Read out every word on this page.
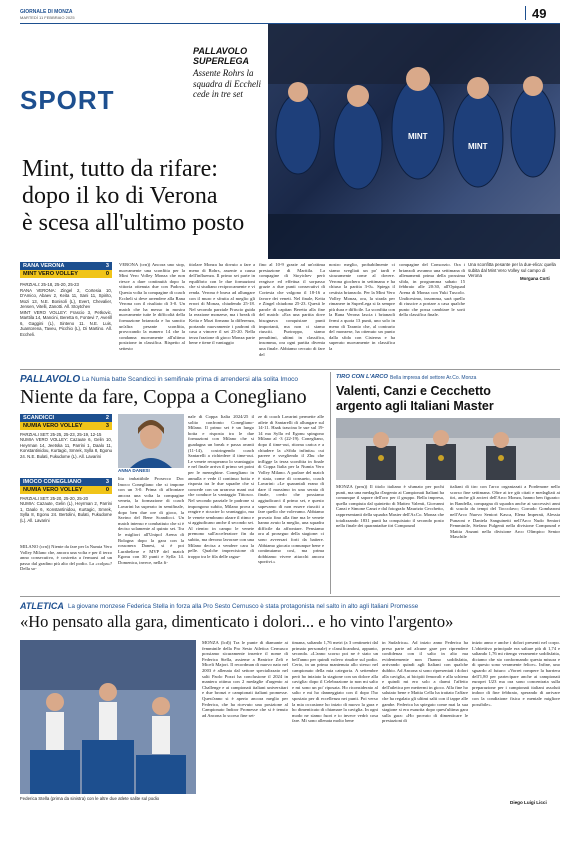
GIORNALE DI MONZA
MARTEDÌ 11 FEBBRAIO 2025	49
SPORT
PALLAVOLO
SUPERLEGA
Assente Rohrs la squadra di Eccheli cede in tre set
Mint, tutto da rifare:
dopo il ko di Verona
è scesa all'ultimo posto
MINT
MINT
Una sconfitta pesante per la due-elica: quella subita dal Mint Vero Volley sul campo di Verona
Morgana Corti
RANA VERONA	3
MINT VERO VOLLEY	0
PARZIALI: 25-18, 25-20, 25-23
RANA VERONA: Zingel 2, Cortesia 10, D'Amico, Abaev 2, Keita 11, Sani 11, Spirito, Mozi 13, N.E. Bonisoli (L), Evert, Chevalier, Jensen, Vitelli, Zanotti. All. Stoytchev
MINT VERO VOLLEY: Frascio 3, Petkovic, Marttila 14, Mancini, Beretta 6, Fontevi 7, Averill 6, Gaggini (L), Sinteno 11. N.E. Luis, Juantorena, Taveu, Picchio (L), Di Martino. All. Eccheli.
VERONA (crn)) Ancora uno stop, nuovamente una sconfitta per la Mint Vero Volley Monza che non riesce a dare continuità dopo la vittoria ottenuta due con Padova. Questa volta la compagine di coach Eccheli si deve arrendere alla Rana Verona con il risultato di 3-0. Un match che ha messo in mostra nuovamente tutte le difficoltà della formazione brianzola e ha sancito un'altra pesante sconfitta, provocando la numero 14 che la condanna nuovamente all'ultimo posizione in classifica. Rispetto al settesto
titolare Monza ha dovuto a fare a meno di Rohrs, assente a causa dell'influenza. Il primo set parte in equilibrio con le due formazioni che si studiano reciprocamente e vi renda. Verona è brava ad allungare con il muro e sfrutta al meglio gli errori di Monza, chiudendo 25-18. Nel secondo parziale Frascio guida la reazione monzese, ma i break di Keita e Mozi firmano la differenza, portando nuovamente i padroni di casa a vincere il set 25-20. Nella terza frazione di gioco Monza parte bene e tiene il vantaggio
fino al 10-9 grazie ad un'ottima prestazione di Marttila. La compagine di Stoytchev però reagisce ed effettua il sorpasso grazie a due punti consecutivi di Cortesia che valgono il 18-16 a favore dei veneti. Nel finale, Keita e Zingel chiudono 25-23. Questi le parole di capitan Beretta alla fine del match: «Era una partita dove bisognava conquistare punti importanti, ma non ci siamo riusciti. Purtroppo, siamo penultimi, ultimi in classifica, insomma, ora ogni partita diventa una finale. Abbiamo cercato di fare del
nostro meglio, probabilmente ci siamo svegliati un po' tardi e sicuramente come al dovere. Verona giochera in settimana e ha chiuso la partita 3-0». Spiega il cestista brianzolo. Per la Mint Vero Volley Monza, ora, la strada per rimanere in SuperLega si fa sempre più dura e difficile. La sconfitta con la Rana Verona lascia i brianzoli fermi a quota 13 punti, uno solo in meno di Taranto che, al contrario del monzese, ha ottenuto un punto dalla sfida con Cisterna e ha superato nuovamente in classifica la
compagine del Consorzio. Ora i brianzoli avranno una settimana di allenamenti prima della prossima sfida, in programma sabato 15 febbraio alle 20:30, all'Opiquad Arena di Monza con Yuki Tuscolo. Undicesimo, insomma, sarà quello di riuscire a portare a casa qualche punto che possa cambiare le sorti della classifica finale.
PALLAVOLO La Numia batte Scandicci in semifinale prima di arrendersi alla solita Imoco
Niente da fare, Coppa a Conegliano
SCANDICCI	2
NUMIA VERO VOLLEY	3
PARZIALI SET: 25-25, 25-23, 25-19, 12-15
NUMIA VERO VOLLEY: Cazaute 6, Gelin 10, Heyrman 14, Jeetska 11, Parrini 1, Daalo 11, Konstantinidou, Kurtagic, Smrek, Sylla 8, Egonu 24. N.E. Bulati, Fukudome (L). All. Lavarini
IMOCO CONEGLIANO	3
NUMIA VERO VOLLEY	0
PARZIALI SET: 25-20, 25-20, 25-20
NUMIA: Cazaute, Gelin (L), Heyrman 2, Parrini 1, Daalo 6, Konstantinidou, Kurtagic, Smrek, Sylla 8, Egonu 24. Bertolini, Bulati, Fukudome (L). All. Lavarini
MILANO (crn)) Niente da fare per la Numia Vero Volley Milano che, ancora una volta e per il terzo anno consecutivo, è costretta a fermarsi ad un passo dal gradino più alto del podio. La «colpa»? Della so-
ANNA DANESI
lita imbattibile Prosecco Doc Imoco Conegliano che si impone con un 3-0. Prima di affrontare ancora una volta la compagine veneta, la formazione di coach Lavarini ha superato in semifinale, dopo ben due ore di gioco, la Savino del Bene Scandicci. Un match intenso e combattuto che si è deciso solamente al quinto set. Tra le migliori all'Unipol Arena di Bologna dopo la gara con la rossonera Danesi, si è poi Lurabeliere e MVP del match Egonu con 30 punti e Sylla 14. Domenica, invece, nella fi-
nale di Coppa Italia 2024/25 il solito confronto Conegliano-Milano. Il primo set è un lungo botta e risposta tra le due formazioni con Milano che si guadagna un break e passa avanti (11-14), costringendo coach Santarelli a richiedere il time-out. Le venete recuperano lo svantaggio e nel finale arriva il primo set point per le meneghine. Conegliano in annulla e vede il continuo botta e risposta tra le due squadre che si concede con un urraroso mani out che conduce la vantaggio Tittosco. Nel secondo parziale le padrone si impongono subito, Milano prova a reagire e ricucire lo svantaggio, ma le venete sembrano alzare il ritmo e si aggiudicano anche il secondo set. Al rientro in campo le venete premono sull'acceleratore fin da subito, ma devono lavorare con una Milano decisa a vendere cara la pelle. Qualche imprecisione di troppo tra le fila delle ragaz-
ze di coach Lavarini permette alle atlete di Santarelli di allungare sul 14-11. Haak trascina le sue sul 19-14 ma Sylla ed Egonu spingono Milano al -3 (22-19). Conegliano, dopo il time-out, ritorna carica e a chiudere la «Sfida infinita» cui pareee e svegliendo il Zhu che infligge la terza sconfitta in finale di Coppa Italia per la Numia Vero Volley Milano. A parlare del match è stata, come di consueto, coach Lavarini: «Le quarantali erano di dare il massimo in una serata di finale, credo che possiamo aggiudicarci il primo set, e questo sapevamo di non essere riusciti a fare quello che volevamo. Abbiamo provato fino alla fine ma le venete hanno avuto la meglio, una squadra difficile da affrontare. Pensiamo ora al proseguo della stagione: ci sono avversari forti da battere. Abbiamo giocato comunque bene e continuiamo così, ma prima dobbiamo vivere attacchi ancora sportivi.»
TIRO CON L'ARCO Bella impresa del settore Ar.Co. Monza
Valenti, Canzi e Cecchetto
argento agli Italiani Master
MONZA (prru)) Il titolo italiano è sfumato per pochi punti, ma una medaglia d'argento ai Campionati Italiani ha comunque il sapore dell'oro per il gruppo. Bella impresa, quella compiuta dal quintetto di Matteo Valenti, Giovanni Canzi e Simone Canzi e dal fotografo Maurizio Cecchetto, rappresentanti della squadra Master dell'Ar.Co. Monza che totalizzando 1831 punti ha conquistato il secondo posto nella finale dei quarantadue tiri Compound
italiani di tiro con l'arco organizzati a Pordenone nello scorso fine settimana. Oltre ai tre già citati e medagliati ai tiri, anche gli arcieri dell'Arco Monza, hanno ben figurato: in Bandella, compagna di squadra anche ai successivi anni di scuola da tempi del Toccolavo; Corrado Gombaroni nell'Arco Nuovo Seniori Kasca, Elena Imperati, Alessia Punzoni e Daniela Sanguinetti nell'Arco Nudo Seniori Femminile, Stefano Fulgenti nella divisione Compound e Mattia Anzani nella divisione Arco Olimpico Senior Maschile
ATLETICA La giovane monzese Federica Stella in forza alla Pro Sesto Cernusco è stata protagonista nel salto in alto agli Italiani Promesse
«Ho pensato alla gara, dimenticato i dolori... e ho vinto l'argento»
Federica Stella (prima da sinistra) con le altre due atlete salite sul podio
MONZA (lcd)) Tra le punte di diamante ai femminile della Pro Sesto Atletica Cernusco possiamo sicuramente inserire il nome di Federica Stella, assieme a Beatrice Zeli e Miceli Majori. Il recordman di nuovo nato nel 2003 è allenata dal settore specializzato nel salti Paolo Pozzi ha conclusione il 2024 in maniera ottima con 2 medaglie d'argento ai Challenge e ai campionati italiani universitari e due bronzi e campionati italiani promesse. Quest'anno si è aperto ancora meglio per Federica, che ha ricevuto una posizione al Campionato Indoor Promesse che si è tenuto ad Ancona lo scorso fine set-
timana, saltando 1,76 metri (a 3 centimetri dal primato personale) e classificandosi, appunto, seconda. «L'anno scorso poi ne è stato un bell'anno per quindi volevo rinalire sul podio. Certo, in un prima mantenuta allo stesso nel campionato della mia categoria. A settembre però ho iniziato la stagione con un dolore alla caviglia: dopo il Celebrazione io non mi salto e mi sono un po' riposata. Ho riconsiderato al salto e mi ho danneggiato con il dopo l'ho spostato per di eccellenza nei punti. Poi verso la mia occasione ho inizio di nuovo la gara e ho dimenticato di chiamare la caviglia. In ogni modo ne siamo fuori e io invece vedrò cosa fare. Mi sono allenata molto bene
in Sudafrica». Ad inizio anno Federica ha preso parte ad alcune gare per riprendere confidenza con il salto in alto ma evidentemente non l'hanno soddisfatta, arrivando quindi agli Italiani con qualche dubbio. Ad Ancona si sono ripresentati i dolori alla caviglia, ai bicipiti femorali e alla schiena e quindi mi ero solo a darmi l'affetto dell'atletica per mettermi in gioco. Alla fine ho salutato bene e Mattia Cella ha trattato l'affare che ha regalato gli ultimi salti con il tappe alle gambe. Federica ha spiegato come mai la sua stagione si era esaurita dopo quest'ultima gara sulla gara: «Ho provato di dimenticare le prestazioni di
inizio anno e anche i dolori presenti nel corpo. L'obiettivo principale era saltare più di 1,74 e saltando 1,76 mi ritengo veramente soddisfatta, diciamo che sto conformando questa misura e di questo sono veramente felice». Infine, uno sguardo al futuro: «Vorrei rompere la barriera dell'1,80 per partecipare anche ai campionati europei U23 ma ora sono concentrata sulla preparazione per i campionati italiani assoluti indoor di fine febbraio, sperando di arrivare con la condizione fisica e mentale migliore possibile».
Diego Luigi Licci
